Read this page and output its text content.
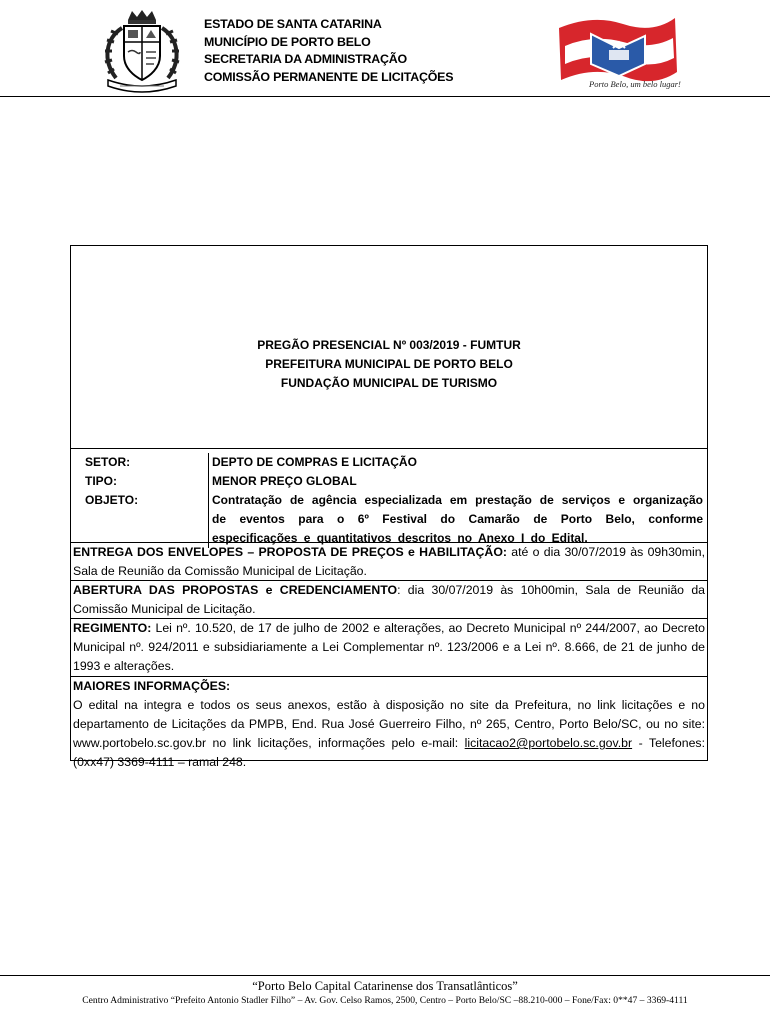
ESTADO DE SANTA CATARINA
MUNICÍPIO DE PORTO BELO
SECRETARIA DA ADMINISTRAÇÃO
COMISSÃO PERMANENTE DE LICITAÇÕES
Porto Belo, um belo lugar!
PREGÃO PRESENCIAL Nº 003/2019 - FUMTUR
PREFEITURA MUNICIPAL DE PORTO BELO
FUNDAÇÃO MUNICIPAL DE TURISMO
SETOR:	DEPTO DE COMPRAS E LICITAÇÃO
TIPO:	MENOR PREÇO GLOBAL
OBJETO:	Contratação de agência especializada em prestação de serviços e organização de eventos para o 6º Festival do Camarão de Porto Belo, conforme especificações e quantitativos descritos no Anexo I do Edital.
ENTREGA DOS ENVELOPES – PROPOSTA DE PREÇOS e HABILITAÇÃO: até o dia 30/07/2019 às 09h30min, Sala de Reunião da Comissão Municipal de Licitação.
ABERTURA DAS PROPOSTAS e CREDENCIAMENTO: dia 30/07/2019 às 10h00min, Sala de Reunião da Comissão Municipal de Licitação.
REGIMENTO: Lei nº. 10.520, de 17 de julho de 2002 e alterações, ao Decreto Municipal nº 244/2007, ao Decreto Municipal nº. 924/2011 e subsidiariamente a Lei Complementar nº. 123/2006 e a Lei nº. 8.666, de 21 de junho de 1993 e alterações.
MAIORES INFORMAÇÕES:
O edital na integra e todos os seus anexos, estão à disposição no site da Prefeitura, no link licitações e no departamento de Licitações da PMPB, End. Rua José Guerreiro Filho, nº 265, Centro, Porto Belo/SC, ou no site: www.portobelo.sc.gov.br no link licitações, informações pelo e-mail: licitacao2@portobelo.sc.gov.br - Telefones: (0xx47) 3369-4111 – ramal 248.
“Porto Belo Capital Catarinense dos Transatlânticos”
Centro Administrativo “Prefeito Antonio Stadler Filho” – Av. Gov. Celso Ramos, 2500, Centro – Porto Belo/SC –88.210-000 – Fone/Fax: 0**47 – 3369-4111
